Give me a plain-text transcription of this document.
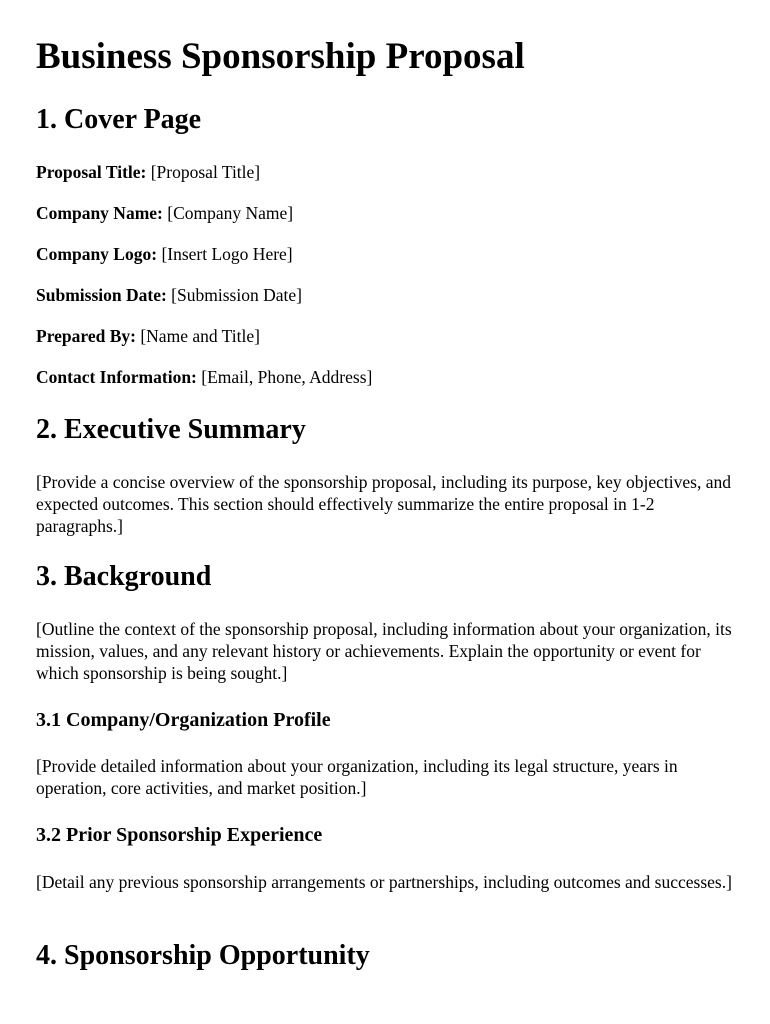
Business Sponsorship Proposal
1. Cover Page
Proposal Title: [Proposal Title]
Company Name: [Company Name]
Company Logo: [Insert Logo Here]
Submission Date: [Submission Date]
Prepared By: [Name and Title]
Contact Information: [Email, Phone, Address]
2. Executive Summary

[Provide a concise overview of the sponsorship proposal, including its purpose, key objectives, and expected outcomes. This section should effectively summarize the entire proposal in 1-2 paragraphs.]

3. Background

[Outline the context of the sponsorship proposal, including information about your organization, its mission, values, and any relevant history or achievements. Explain the opportunity or event for which sponsorship is being sought.]

3.1 Company/Organization Profile

[Provide detailed information about your organization, including its legal structure, years in operation, core activities, and market position.]

3.2 Prior Sponsorship Experience

[Detail any previous sponsorship arrangements or partnerships, including outcomes and successes.]

4. Sponsorship Opportunity
